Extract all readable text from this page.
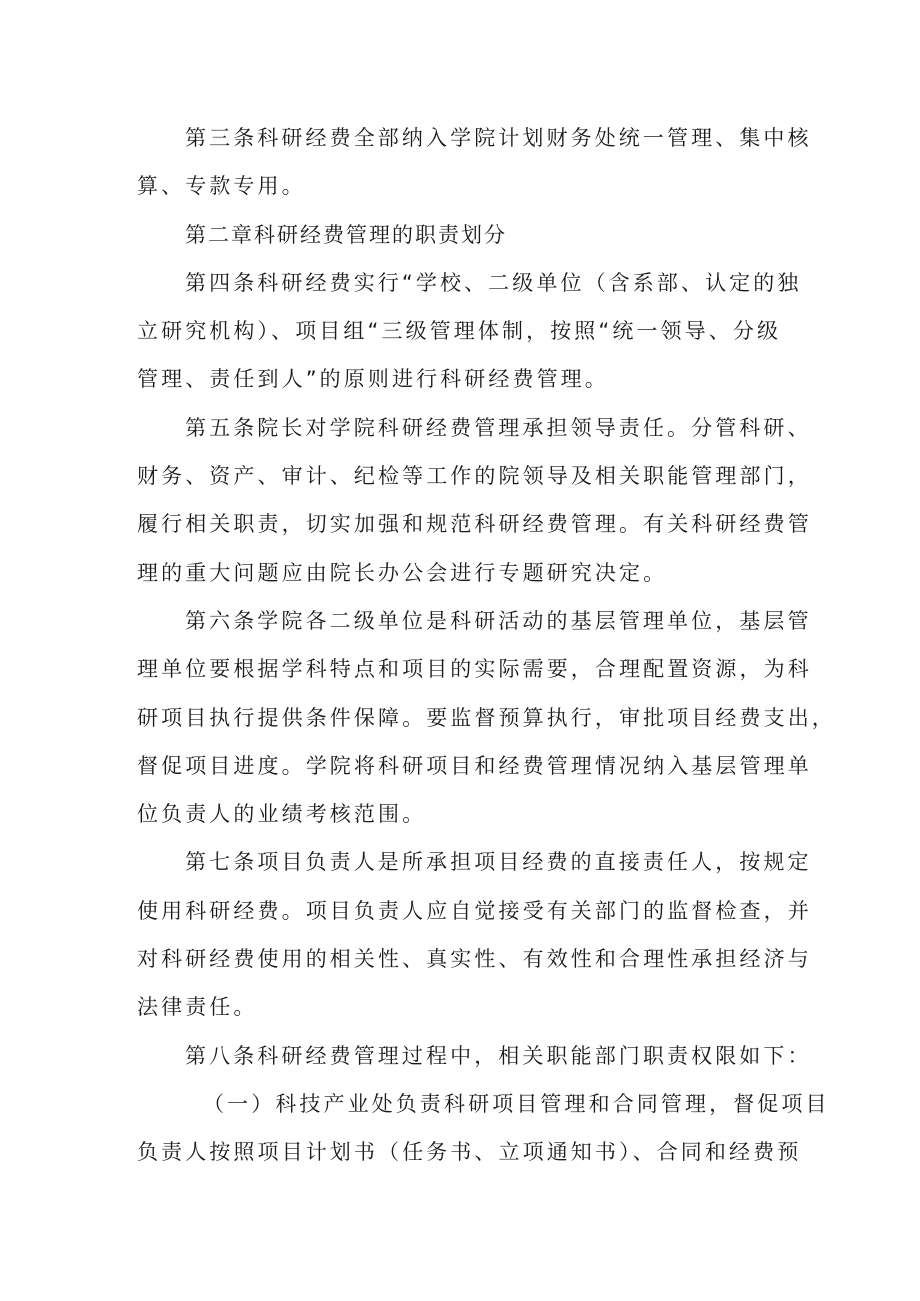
第三条科研经费全部纳入学院计划财务处统一管理、集中核
算、专款专用。
第二章科研经费管理的职责划分
第四条科研经费实行“学校、二级单位（含系部、认定的独
立研究机构）、项目组“三级管理体制，按照“统一领导、分级
管理、责任到人”的原则进行科研经费管理。
第五条院长对学院科研经费管理承担领导责任。分管科研、
财务、资产、审计、纪检等工作的院领导及相关职能管理部门，
履行相关职责，切实加强和规范科研经费管理。有关科研经费管
理的重大问题应由院长办公会进行专题研究决定。
第六条学院各二级单位是科研活动的基层管理单位，基层管
理单位要根据学科特点和项目的实际需要，合理配置资源，为科
研项目执行提供条件保障。要监督预算执行，审批项目经费支出，
督促项目进度。学院将科研项目和经费管理情况纳入基层管理单
位负责人的业绩考核范围。
第七条项目负责人是所承担项目经费的直接责任人，按规定
使用科研经费。项目负责人应自觉接受有关部门的监督检查，并
对科研经费使用的相关性、真实性、有效性和合理性承担经济与
法律责任。
第八条科研经费管理过程中，相关职能部门职责权限如下：
（一）科技产业处负责科研项目管理和合同管理，督促项目
负责人按照项目计划书（任务书、立项通知书）、合同和经费预
